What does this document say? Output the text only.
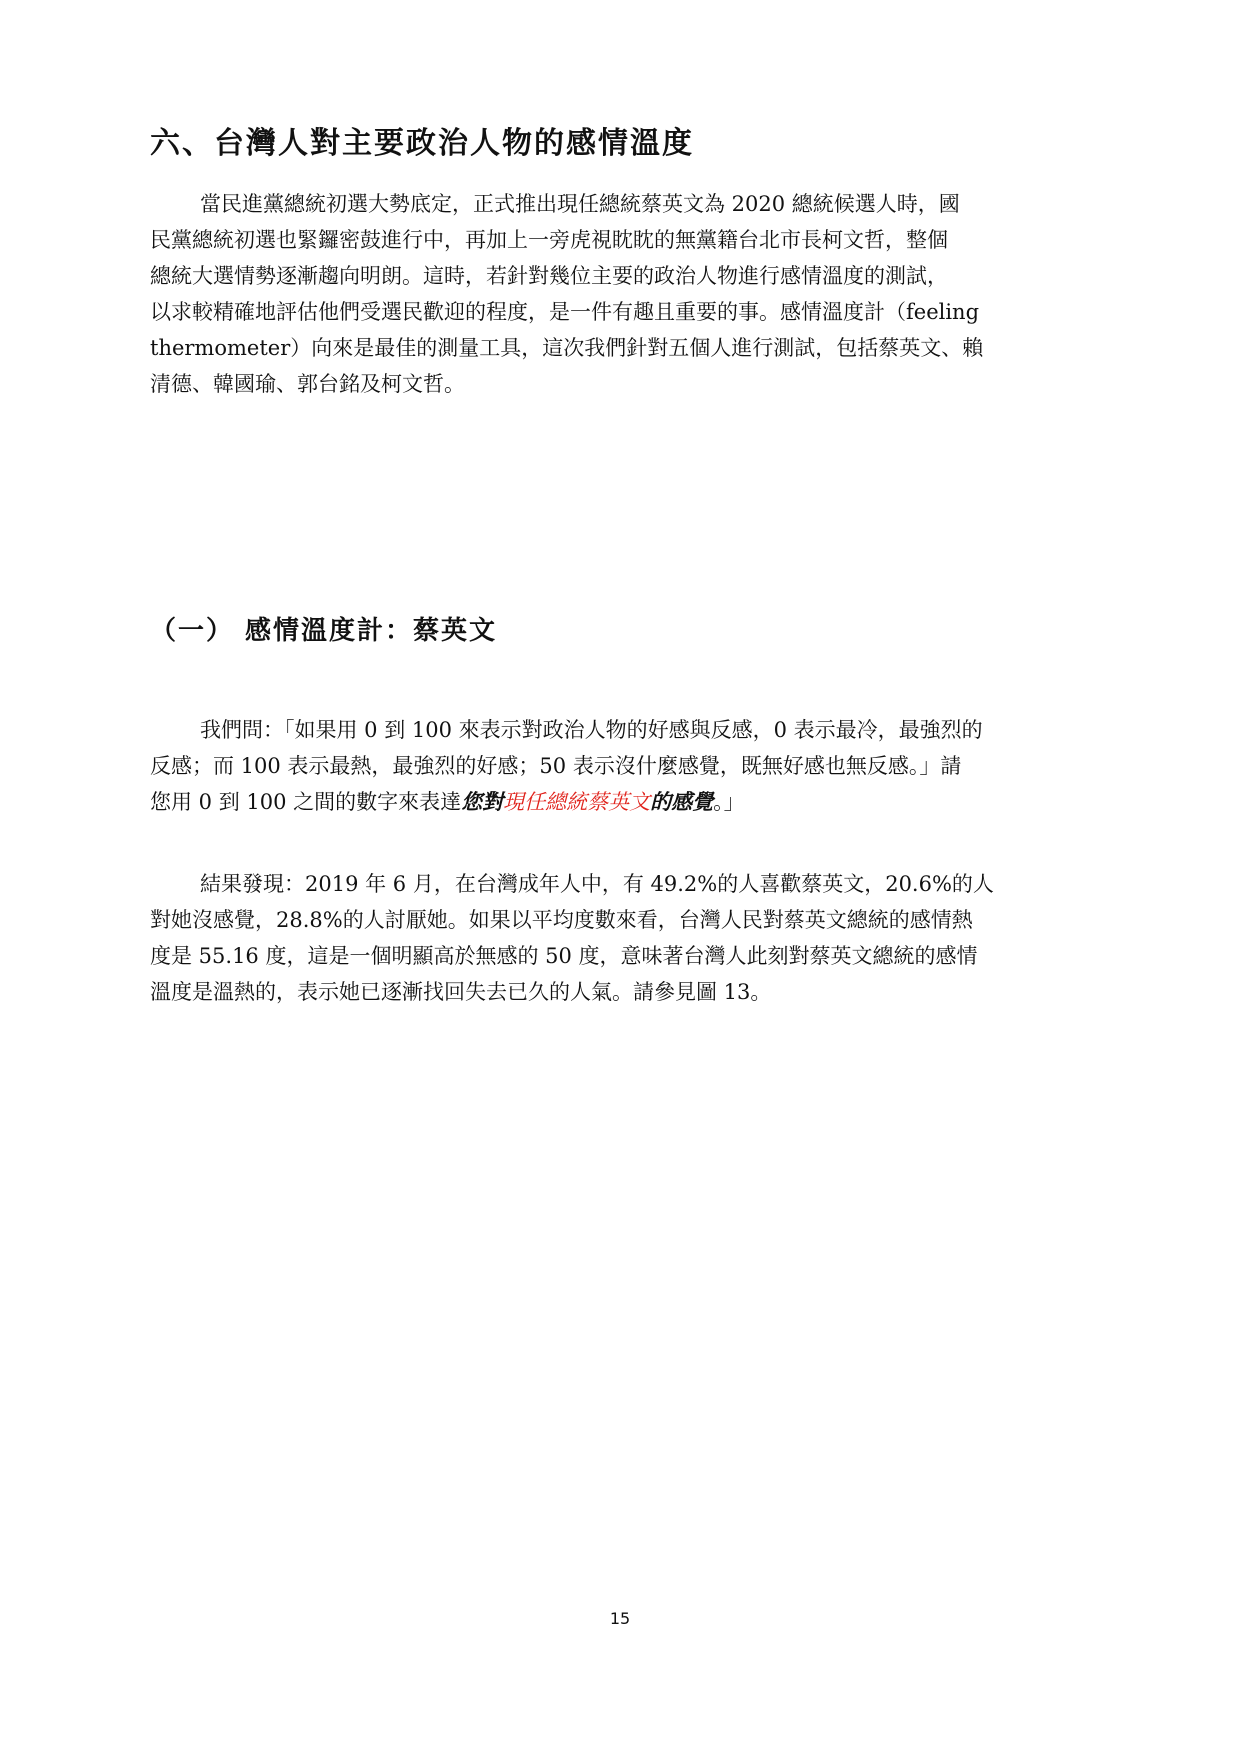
六、台灣人對主要政治人物的感情溫度
當民進黨總統初選大勢底定，正式推出現任總統蔡英文為 2020 總統候選人時，國
民黨總統初選也緊鑼密鼓進行中，再加上一旁虎視眈眈的無黨籍台北市長柯文哲，整個
總統大選情勢逐漸趨向明朗。這時，若針對幾位主要的政治人物進行感情溫度的測試，
以求較精確地評估他們受選民歡迎的程度，是一件有趣且重要的事。感情溫度計（feeling
thermometer）向來是最佳的測量工具，這次我們針對五個人進行測試，包括蔡英文、賴
清德、韓國瑜、郭台銘及柯文哲。
（一） 感情溫度計：蔡英文
我們問：「如果用 0 到 100 來表示對政治人物的好感與反感，0 表示最冷，最強烈的
反感；而 100 表示最熱，最強烈的好感；50 表示沒什麼感覺，既無好感也無反感。」請
您用 0 到 100 之間的數字來表達您對現任總統蔡英文的感覺。」
結果發現：2019 年 6 月，在台灣成年人中，有 49.2%的人喜歡蔡英文，20.6%的人
對她沒感覺，28.8%的人討厭她。如果以平均度數來看，台灣人民對蔡英文總統的感情熱
度是 55.16 度，這是一個明顯高於無感的 50 度，意味著台灣人此刻對蔡英文總統的感情
溫度是溫熱的，表示她已逐漸找回失去已久的人氣。請參見圖 13。
15
